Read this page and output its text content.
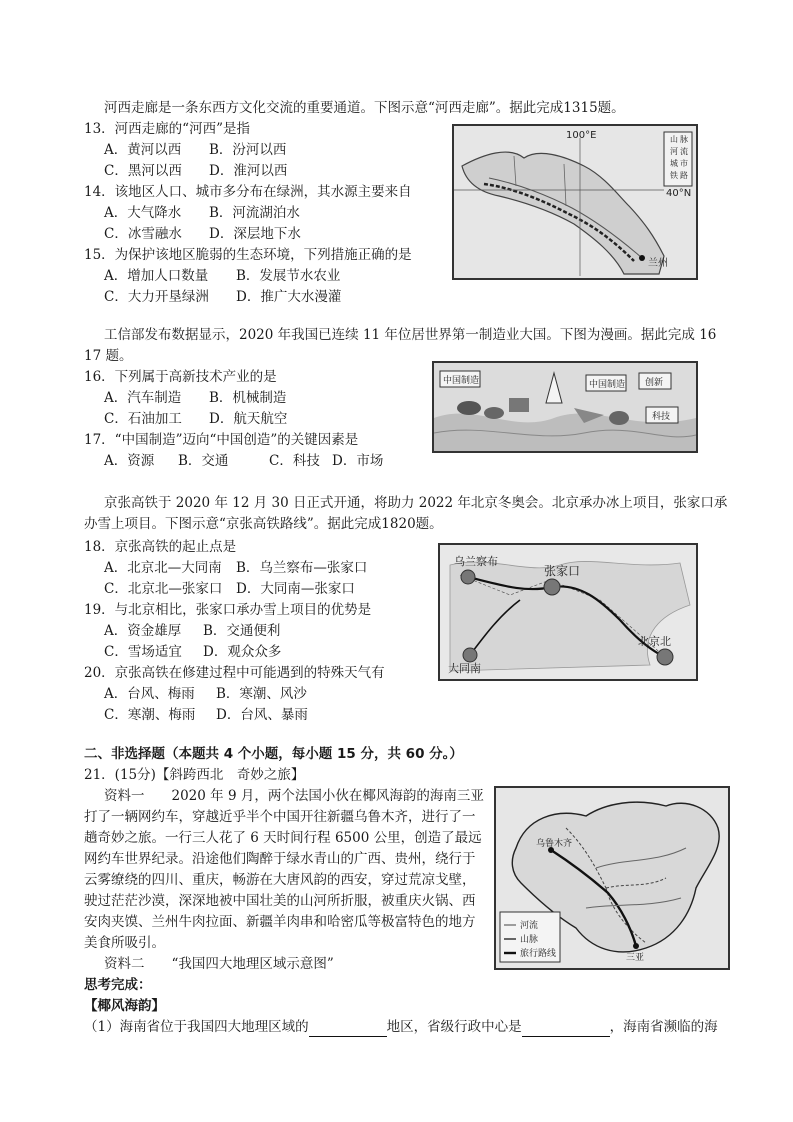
河西走廊是一条东西方文化交流的重要通道。下图示意“河西走廊”。据此完成1315题。
13．河西走廊的“河西”是指
A．黄河以西 B．汾河以西
C．黑河以西 D．淮河以西
14．该地区人口、城市多分布在绿洲，其水源主要来自
A．大气降水 B．河流湖泊水
C．冰雪融水 D．深层地下水
15．为保护该地区脆弱的生态环境，下列措施正确的是
A．增加人口数量 B．发展节水农业
C．大力开垦绿洲 D．推广大水漫灌
100°E
40°N
兰州
山 脉
河 流
城 市
铁 路
工信部发布数据显示，2020 年我国已连续 11 年位居世界第一制造业大国。下图为漫画。据此完成 16
17 题。
16．下列属于高新技术产业的是
A．汽车制造 B．机械制造
C．石油加工 D．航天航空
17．“中国制造”迈向“中国创造”的关键因素是
A．资源 B．交通	C．科技 D．市场
中国制造	中国制造 创新
科技
京张高铁于 2020 年 12 月 30 日正式开通，将助力 2022 年北京冬奥会。北京承办冰上项目，张家口承
办雪上项目。下图示意“京张高铁路线”。据此完成1820题。
18．京张高铁的起止点是
A．北京北—大同南 B．乌兰察布—张家口
C．北京北—张家口 D．大同南—张家口
19．与北京相比，张家口承办雪上项目的优势是
A．资金雄厚 B．交通便利
C．雪场适宜 D．观众众多
20．京张高铁在修建过程中可能遇到的特殊天气有
A．台风、梅雨 B．寒潮、风沙
C．寒潮、梅雨 D．台风、暴雨
乌兰察布
张家口
大同南
北京北
二、非选择题（本题共 4 个小题，每小题 15 分，共 60 分。）
21．(15分)【斜跨西北　奇妙之旅】
资料一　　2020 年 9 月，两个法国小伙在椰风海韵的海南三亚
打了一辆网约车，穿越近乎半个中国开往新疆乌鲁木齐，进行了一
趟奇妙之旅。一行三人花了 6 天时间行程 6500 公里，创造了最远
网约车世界纪录。沿途他们陶醉于绿水青山的广西、贵州，绕行于
云雾缭绕的四川、重庆，畅游在大唐风韵的西安，穿过荒凉戈壁，
驶过茫茫沙漠，深深地被中国壮美的山河所折服，被重庆火锅、西
安肉夹馍、兰州牛肉拉面、新疆羊肉串和哈密瓜等极富特色的地方
美食所吸引。
资料二　　“我国四大地理区域示意图”
思考完成：
【椰风海韵】
（1）海南省位于我国四大地理区域的	地区，省级行政中心是	，海南省濒临的海
乌鲁木齐
三亚
河流
山脉
旅行路线
